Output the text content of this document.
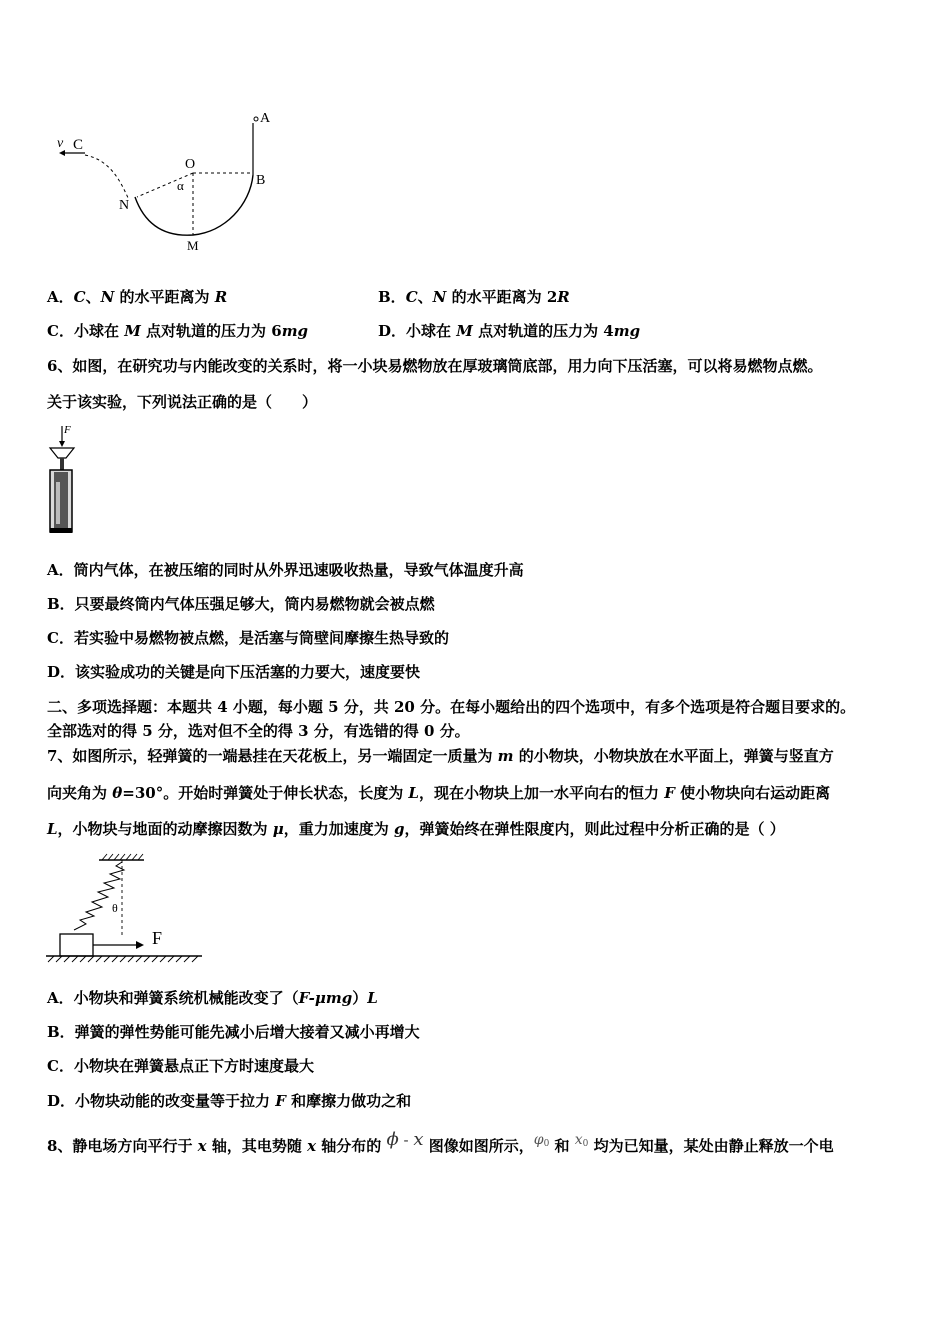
v C
A
O
α	B
N
M
A．C、N 的水平距离为 R	B．C、N 的水平距离为 2R
C．小球在 M 点对轨道的压力为 6mg	D．小球在 M 点对轨道的压力为 4mg
6、如图，在研究功与内能改变的关系时，将一小块易燃物放在厚玻璃筒底部，用力向下压活塞，可以将易燃物点燃。
关于该实验，下列说法正确的是（　　）
F
A．筒内气体，在被压缩的同时从外界迅速吸收热量，导致气体温度升高
B．只要最终筒内气体压强足够大，筒内易燃物就会被点燃
C．若实验中易燃物被点燃，是活塞与筒壁间摩擦生热导致的
D．该实验成功的关键是向下压活塞的力要大，速度要快
二、多项选择题：本题共 4 小题，每小题 5 分，共 20 分。在每小题给出的四个选项中，有多个选项是符合题目要求的。
全部选对的得 5 分，选对但不全的得 3 分，有选错的得 0 分。
7、如图所示，轻弹簧的一端悬挂在天花板上，另一端固定一质量为 m 的小物块，小物块放在水平面上，弹簧与竖直方
向夹角为 θ=30°。开始时弹簧处于伸长状态，长度为 L，现在小物块上加一水平向右的恒力 F 使小物块向右运动距离
L，小物块与地面的动摩擦因数为 μ，重力加速度为 g，弹簧始终在弹性限度内，则此过程中分析正确的是（ ）
θ
F
A．小物块和弹簧系统机械能改变了（F-μmg）L
B．弹簧的弹性势能可能先减小后增大接着又减小再增大
C．小物块在弹簧悬点正下方时速度最大
D．小物块动能的改变量等于拉力 F 和摩擦力做功之和
8、静电场方向平行于 x 轴，其电势随 x 轴分布的 ϕ - x 图像如图所示，$\varphi^0$ 和 $x^0$ 均为已知量，某处由静止释放一个电
